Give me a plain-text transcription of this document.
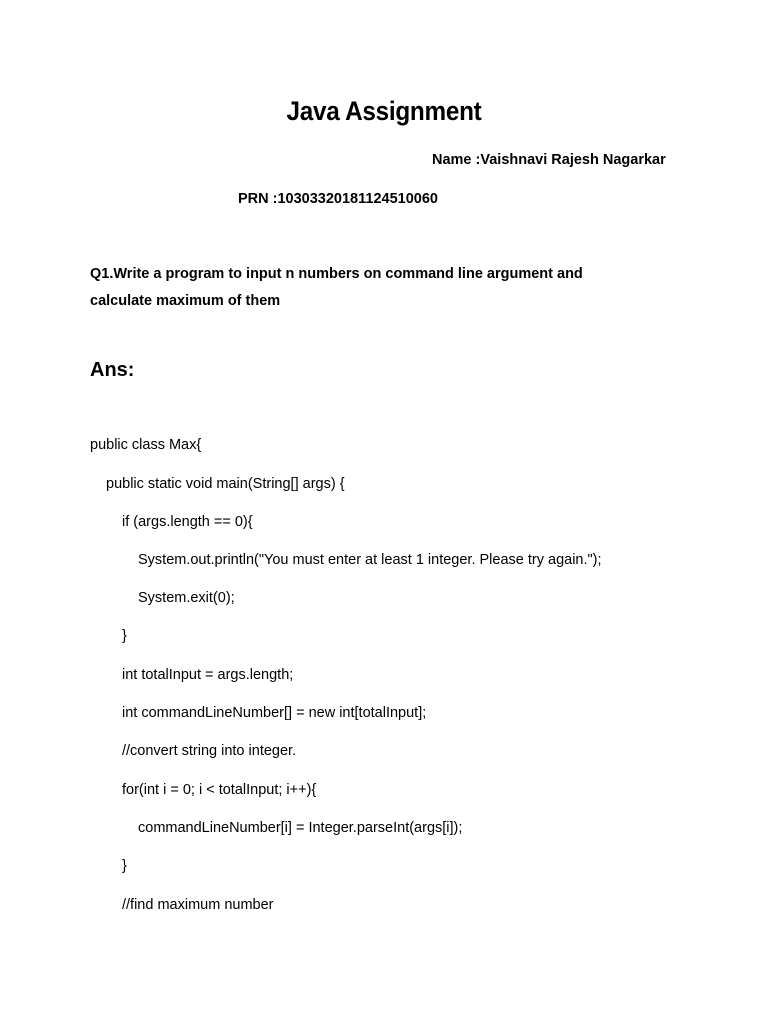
Java Assignment
Name :Vaishnavi Rajesh Nagarkar
PRN :10303320181124510060
Q1.Write a program to input n numbers on command line argument and
calculate maximum of them
Ans:
public class Max{
public static void main(String[] args) {
if (args.length == 0){
System.out.println("You must enter at least 1 integer. Please try again.");
System.exit(0);
}
int totalInput = args.length;
int commandLineNumber[] = new int[totalInput];
//convert string into integer.
for(int i = 0; i < totalInput; i++){
commandLineNumber[i] = Integer.parseInt(args[i]);
}
//find maximum number
